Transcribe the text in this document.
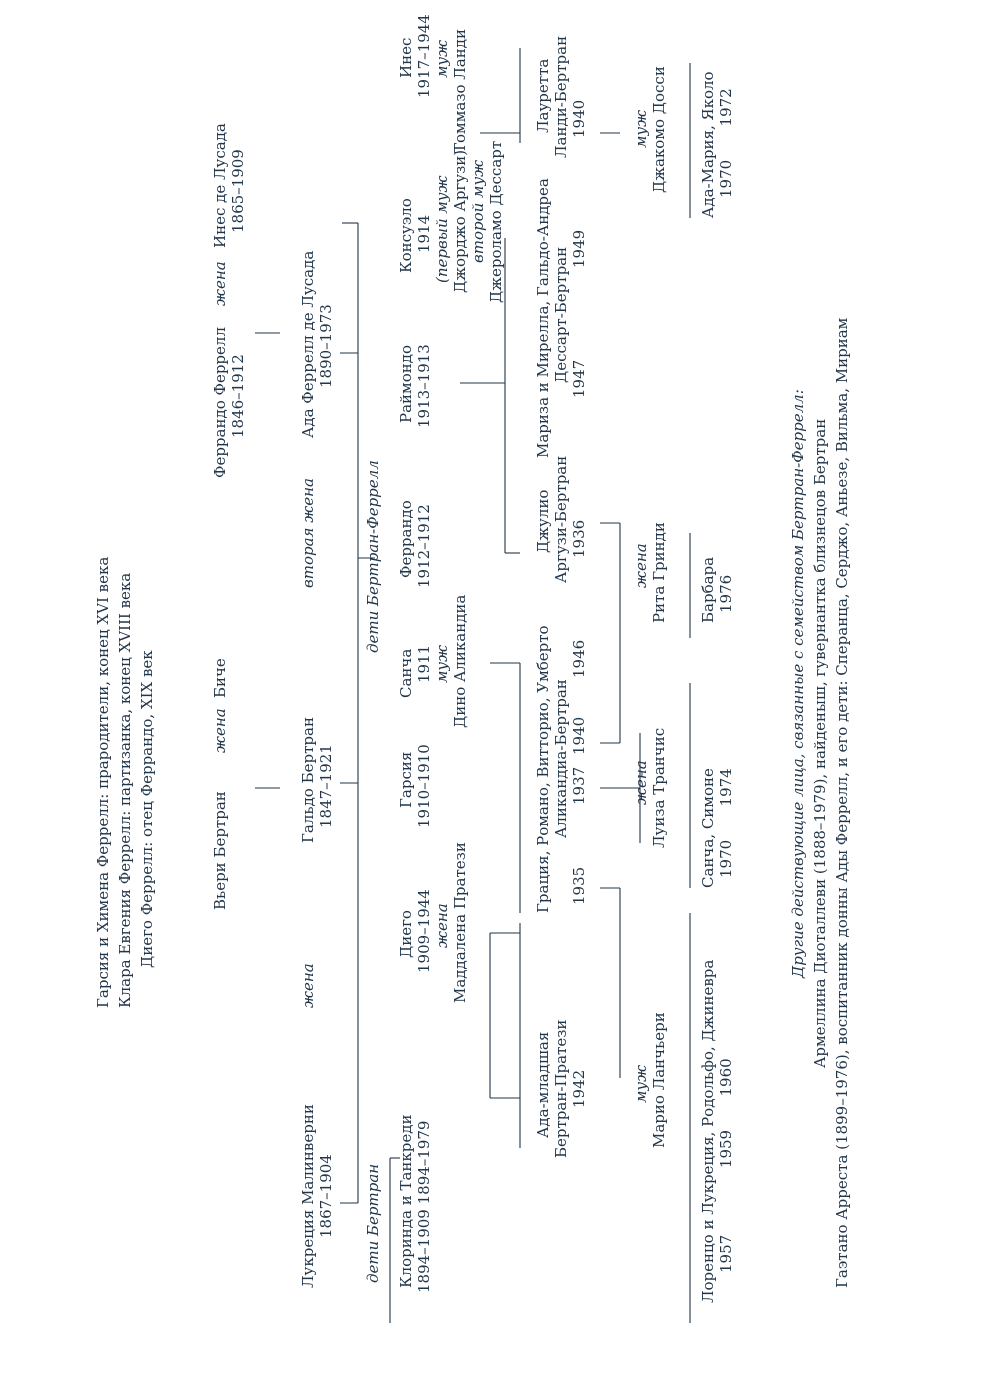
Гарсия и Химена Феррелл: прародители, конец XVI века Клара Евгения Феррелл: партизанка, конец XVIII века Диего Феррелл: отец Феррандо, XIX век	Вьери Бертран
жена
Биче
Феррандо Феррелл 1846–1912
жена
Инес де Лусада 1865–1909
Лукреция Малинверни 1867–1904
жена
Гальдо Бертран 1847–1921
вторая жена
Ада Феррелл де Лусада 1890–1973
дети Бертран
дети Бертран-Феррелл
Клоринда и Танкреди 1894–1909 1894–1979
Диего 1909–1944 жена Маддалена Пратези
Гарсия 1910–1910
Санча 1911 муж Дино Аликандиа
Феррандо 1912–1912
Раймондо 1913–1913
Консуэло 1914 (первый муж Джорджо Аргузи) второй муж Джероламо Дессарт
Инес 1917–1944 муж Томмазо Ланди
Ада-младшая Бертран-Пратези 1942
Грация, Романо, Витторио, Умберто Аликандиа-Бертран
1935
1937
1940
1946
Джулио Аргузи-Бертран 1936
Мариза и Мирелла, Гальдо-Андреа Дессарт-Бертран 1947
1949
Лауретта Ланди-Бертран 1940
муж Марио Ланчьери
жена Луиза Транчис
жена Рита Гринди
муж Джакомо Досси
Лоренцо и Лукреция, Родольфо, Джиневра 1957              1959       1960
Санча, Симоне 1970       1974
Барбара 1976
Ада-Мария, Яколо 1970       1972
Другие действующие лица, связанные с семейством Бертран-Феррелл: Армеллина Диоталлеви (1888–1979), найденыш, гувернантка близнецов Бертран Гаэтано Арреста (1899–1976), воспитанник донны Ады Феррелл, и его дети: Сперанца, Серджо, Аньезе, Вильма, Мириам
